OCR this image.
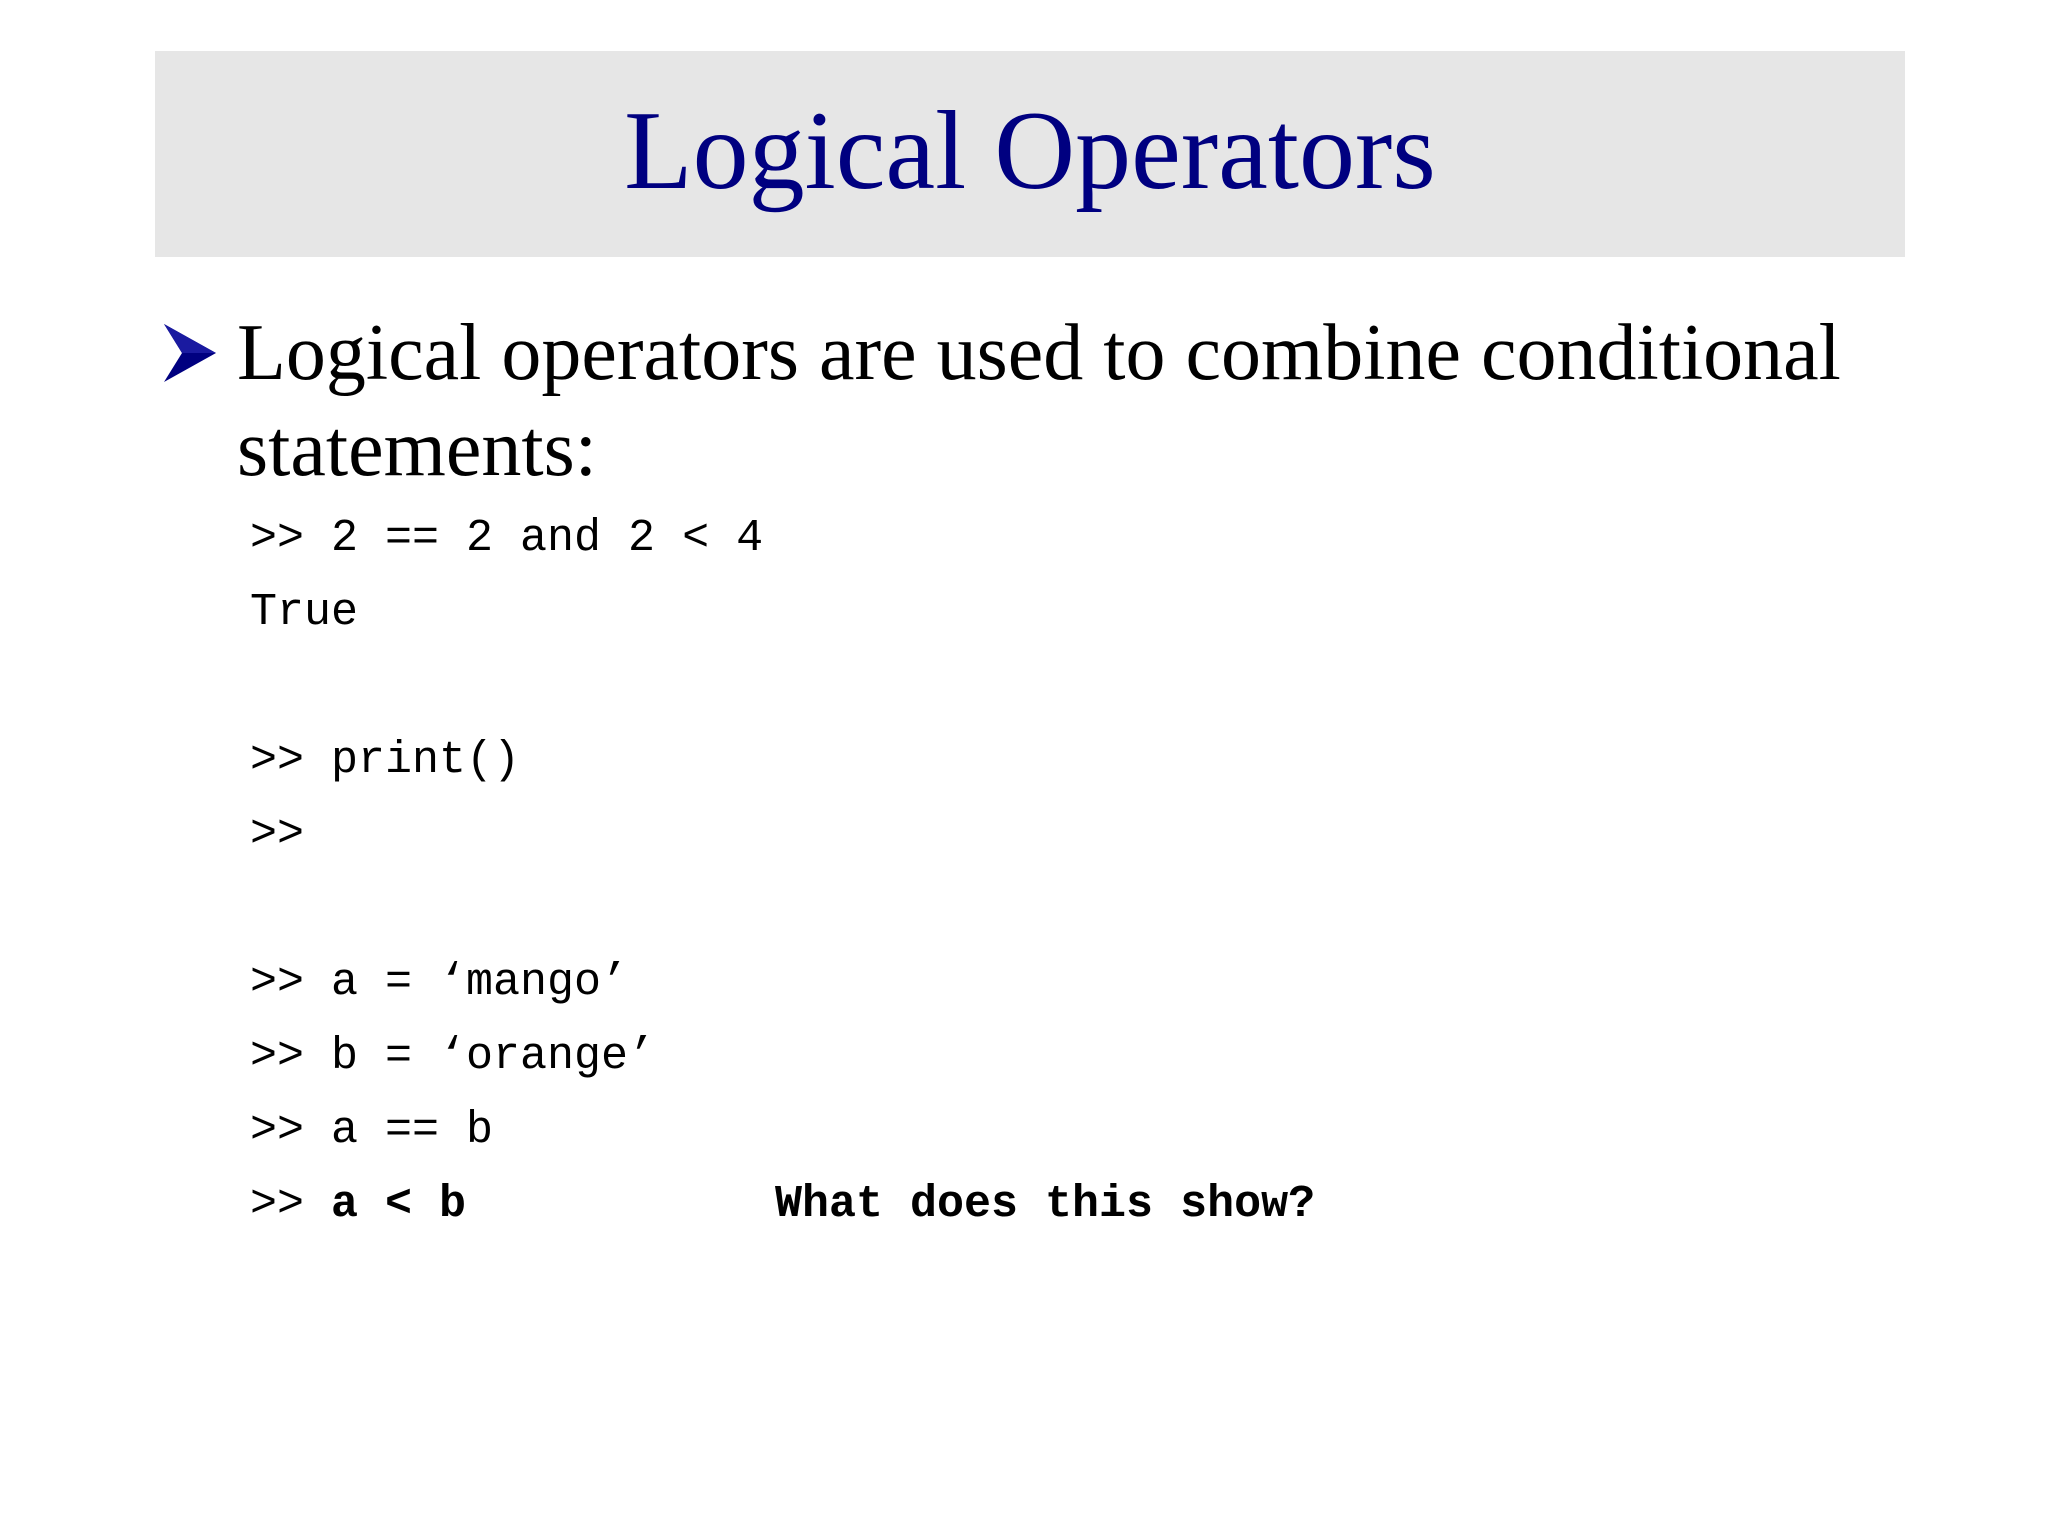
Logical Operators
Logical operators are used to combine conditional statements:
>> 2 == 2 and 2 < 4
True
>> print()
>>
>> a = ‘mango’
>> b = ‘orange’
>> a == b
>> a < b	What does this show?
